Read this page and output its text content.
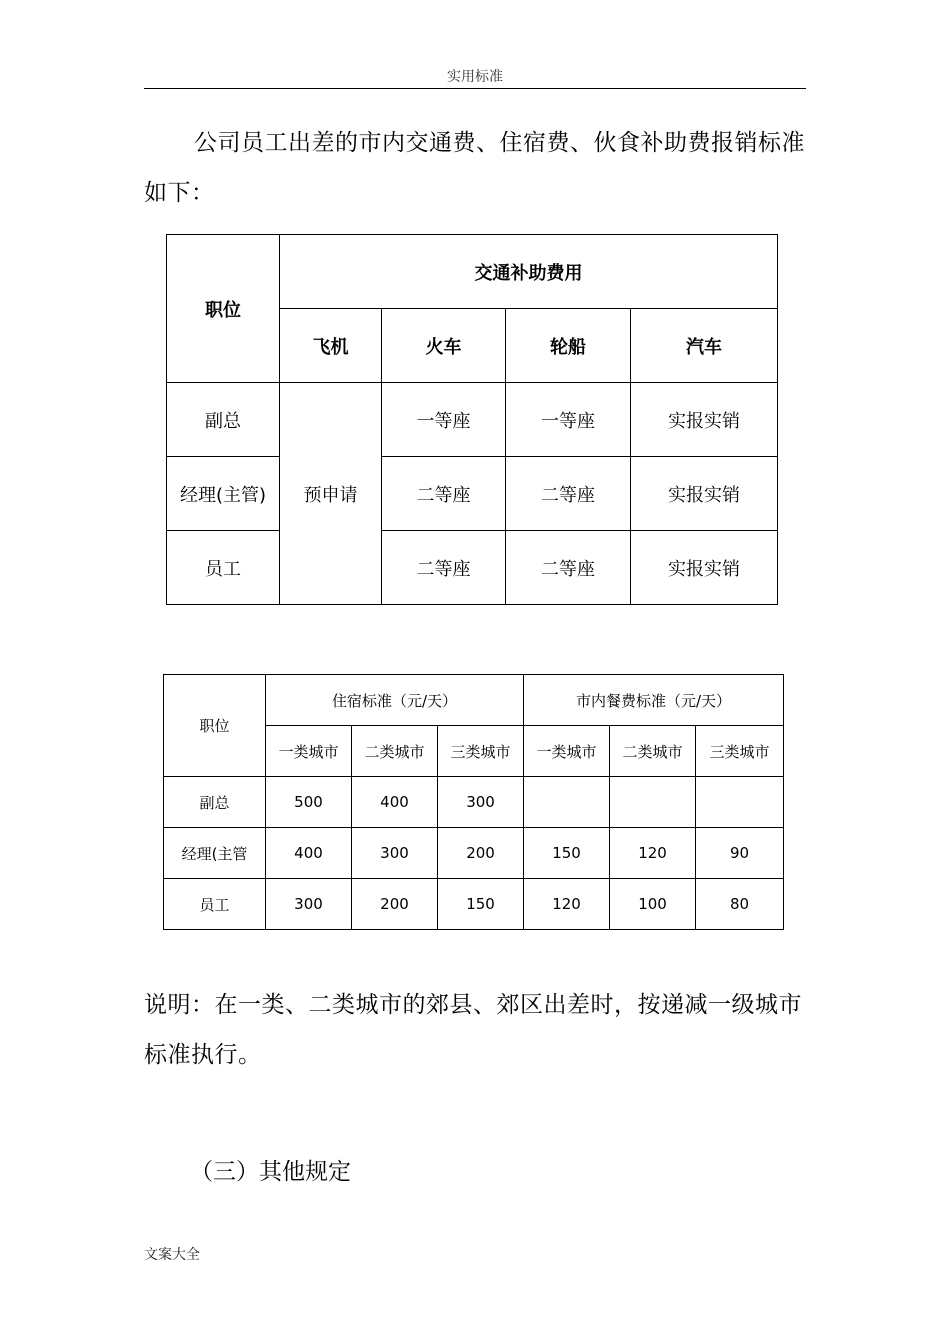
实用标准
公司员工出差的市内交通费、住宿费、伙食补助费报销标准如下：
职位	交通补助费用			
	飞机	火车	轮船	汽车
副总	预申请	一等座	一等座	实报实销
经理(主管)		二等座	二等座	实报实销
员工		二等座	二等座	实报实销
职位	住宿标准（元/天）			市内餐费标准（元/天）		
	一类城市	二类城市	三类城市	一类城市	二类城市	三类城市
副总	500	400	300			
经理(主管	400	300	200	150	120	90
员工	300	200	150	120	100	80
说明：在一类、二类城市的郊县、郊区出差时，按递减一级城市标准执行。
（三）其他规定
文案大全
